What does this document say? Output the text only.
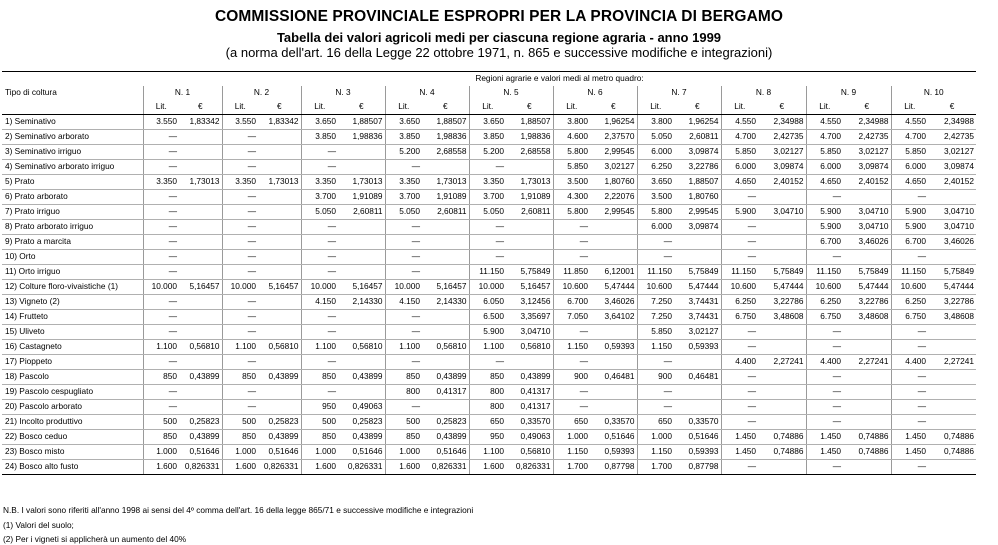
COMMISSIONE PROVINCIALE ESPROPRI PER LA PROVINCIA DI BERGAMO
Tabella dei valori agricoli medi per ciascuna regione agraria - anno 1999
(a norma dell'art. 16 della Legge 22 ottobre 1971, n. 865 e successive modifiche e integrazioni)
	Regioni agrarie e valori medi al metro quadro:																			
Tipo di coltura	N. 1		N. 2		N. 3		N. 4		N. 5		N. 6		N. 7		N. 8		N. 9		N. 10	
	Lit.	€	Lit.	€	Lit.	€	Lit.	€	Lit.	€	Lit.	€	Lit.	€	Lit.	€	Lit.	€	Lit.	€
1) Seminativo	3.550	1,83342	3.550	1,83342	3.650	1,88507	3.650	1,88507	3.650	1,88507	3.800	1,96254	3.800	1,96254	4.550	2,34988	4.550	2,34988	4.550	2,34988
2) Seminativo arborato	—		—		3.850	1,98836	3.850	1,98836	3.850	1,98836	4.600	2,37570	5.050	2,60811	4.700	2,42735	4.700	2,42735	4.700	2,42735
3) Seminativo irriguo	—		—		—		5.200	2,68558	5.200	2,68558	5.800	2,99545	6.000	3,09874	5.850	3,02127	5.850	3,02127	5.850	3,02127
4) Seminativo arborato irriguo	—		—		—		—		—		5.850	3,02127	6.250	3,22786	6.000	3,09874	6.000	3,09874	6.000	3,09874
5) Prato	3.350	1,73013	3.350	1,73013	3.350	1,73013	3.350	1,73013	3.350	1,73013	3.500	1,80760	3.650	1,88507	4.650	2,40152	4.650	2,40152	4.650	2,40152
6) Prato arborato	—		—		3.700	1,91089	3.700	1,91089	3.700	1,91089	4.300	2,22076	3.500	1,80760	—		—		—	
7) Prato irriguo	—		—		5.050	2,60811	5.050	2,60811	5.050	2,60811	5.800	2,99545	5.800	2,99545	5.900	3,04710	5.900	3,04710	5.900	3,04710
8) Prato arborato irriguo	—		—		—		—		—		—		6.000	3,09874	—		5.900	3,04710	5.900	3,04710
9) Prato a marcita	—		—		—		—		—		—		—		—		6.700	3,46026	6.700	3,46026
10) Orto	—		—		—		—		—		—		—		—		—		—	
11) Orto irriguo	—		—		—		—		11.150	5,75849	11.850	6,12001	11.150	5,75849	11.150	5,75849	11.150	5,75849	11.150	5,75849
12) Colture floro-vivaistiche (1)	10.000	5,16457	10.000	5,16457	10.000	5,16457	10.000	5,16457	10.000	5,16457	10.600	5,47444	10.600	5,47444	10.600	5,47444	10.600	5,47444	10.600	5,47444
13) Vigneto (2)	—		—		4.150	2,14330	4.150	2,14330	6.050	3,12456	6.700	3,46026	7.250	3,74431	6.250	3,22786	6.250	3,22786	6.250	3,22786
14) Frutteto	—		—		—		—		6.500	3,35697	7.050	3,64102	7.250	3,74431	6.750	3,48608	6.750	3,48608	6.750	3,48608
15) Uliveto	—		—		—		—		5.900	3,04710	—		5.850	3,02127	—		—		—	
16) Castagneto	1.100	0,56810	1.100	0,56810	1.100	0,56810	1.100	0,56810	1.100	0,56810	1.150	0,59393	1.150	0,59393	—		—		—	
17) Pioppeto	—		—		—		—		—		—		—		4.400	2,27241	4.400	2,27241	4.400	2,27241
18) Pascolo	850	0,43899	850	0,43899	850	0,43899	850	0,43899	850	0,43899	900	0,46481	900	0,46481	—		—		—	
19) Pascolo cespugliato	—		—		—		800	0,41317	800	0,41317	—		—		—		—		—	
20) Pascolo arborato	—		—		950	0,49063	—		800	0,41317	—		—		—		—		—	
21) Incolto produttivo	500	0,25823	500	0,25823	500	0,25823	500	0,25823	650	0,33570	650	0,33570	650	0,33570	—		—		—	
22) Bosco ceduo	850	0,43899	850	0,43899	850	0,43899	850	0,43899	950	0,49063	1.000	0,51646	1.000	0,51646	1.450	0,74886	1.450	0,74886	1.450	0,74886
23) Bosco misto	1.000	0,51646	1.000	0,51646	1.000	0,51646	1.000	0,51646	1.100	0,56810	1.150	0,59393	1.150	0,59393	1.450	0,74886	1.450	0,74886	1.450	0,74886
24) Bosco alto fusto	1.600	0,826331	1.600	0,826331	1.600	0,826331	1.600	0,826331	1.600	0,826331	1.700	0,87798	1.700	0,87798	—		—		—	
N.B. I valori sono riferiti all'anno 1998 ai sensi del 4º comma dell'art. 16 della legge 865/71 e successive modifiche e integrazioni
(1) Valori del suolo;
(2) Per i vigneti si applicherà un aumento del 40%
